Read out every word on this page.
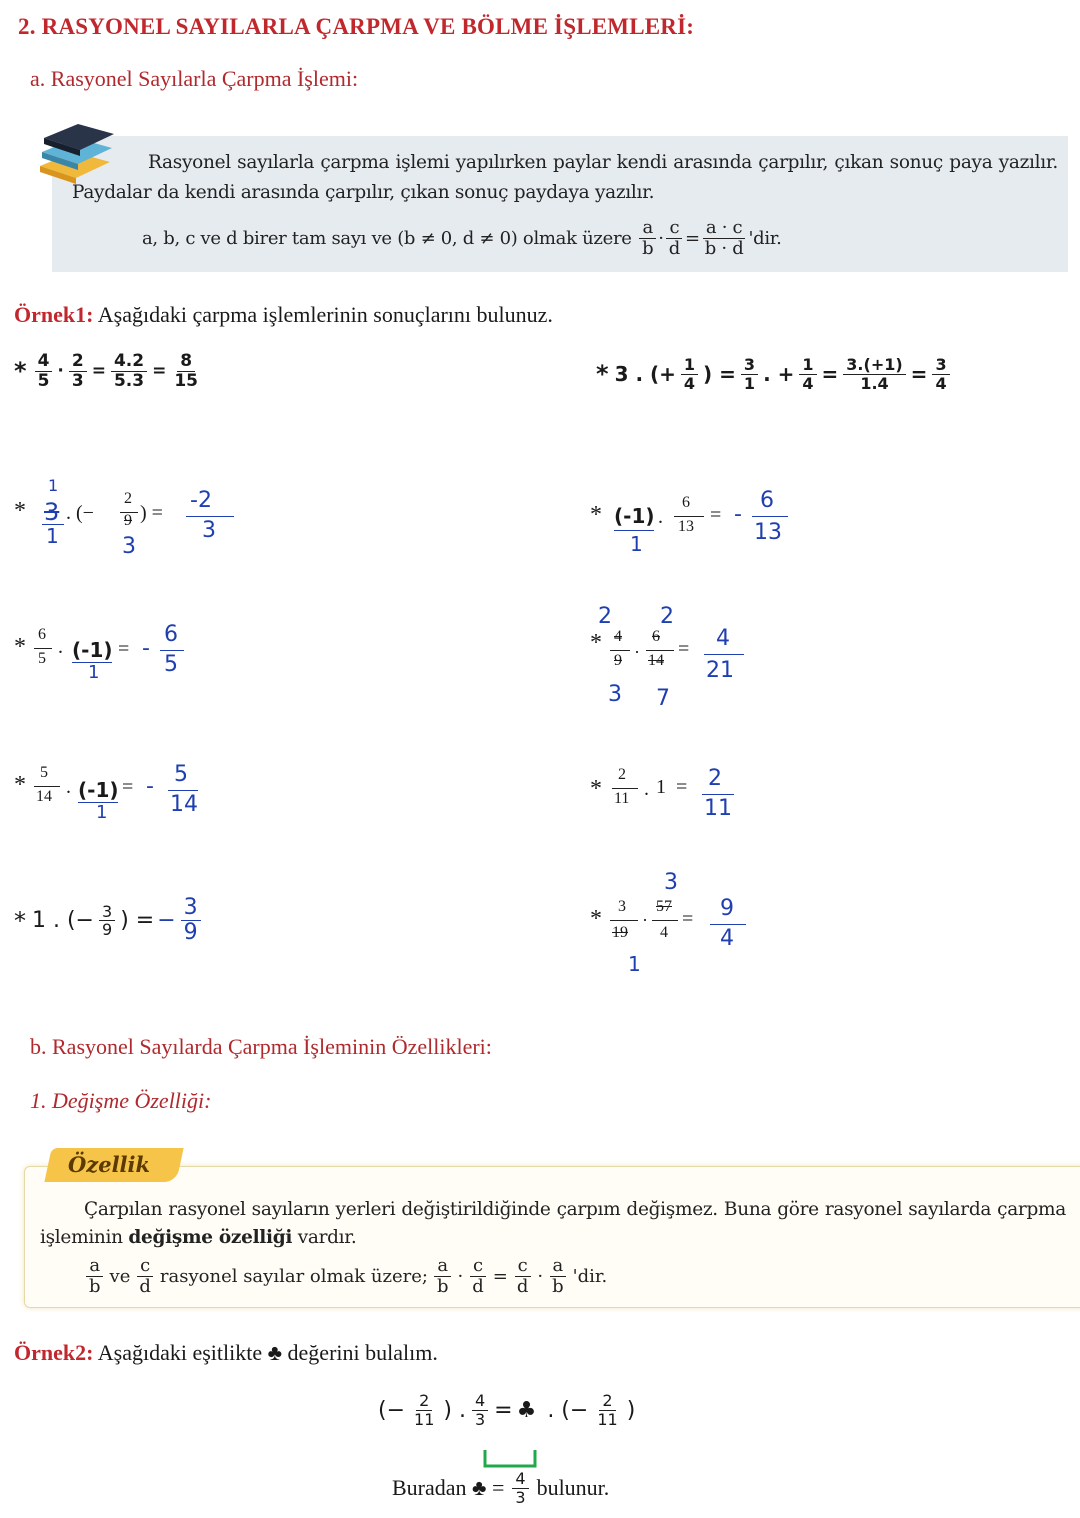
2. RASYONEL SAYILARLA ÇARPMA VE BÖLME İŞLEMLERİ:
a. Rasyonel Sayılarla Çarpma İşlemi:
Rasyonel sayılarla çarpma işlemi yapılırken paylar kendi arasında çarpılır, çıkan sonuç paya yazılır. Paydalar da kendi arasında çarpılır, çıkan sonuç paydaya yazılır.
a, b, c ve d birer tam sayı ve (b ≠ 0, d ≠ 0) olmak üzere
$\frac{a}{b} \cdot \frac{c}{d} = \frac{a \cdot c}{b \cdot d}$ 'dir.
Örnek1: Aşağıdaki çarpma işlemlerinin sonuçlarını bulunuz.
* $\frac{4}{5} \cdot \frac{2}{3} = \frac{4.2}{5.3} = \frac{8}{15}$	* 3 . (+ $\frac{1}{4}$ ) = $\frac{3}{1}$ . + $\frac{1}{4} = \frac{3.(+1)}{1.4} = \frac{3}{4}$
*
1
3
1
. (−
2
9
3
) = -2
3
* (-1)
1
.
6
13
= -
6
13
* 6
5
. (-1)
1
= -
6
5
2 2
* 4
9 ·
6
14
= 4
21
3 7
* 5
14 . (-1)
1
= - 5
14
*
2
11 . 1 = 2
11
* 1 . (− $\frac{3}{9}$ ) = − $\frac{3}{9}$
3
* 3
19
·
57
4
= 9
4
1
b. Rasyonel Sayılarda Çarpma İşleminin Özellikleri:
1. Değişme Özelliği:
Özellik
Çarpılan rasyonel sayıların yerleri değiştirildiğinde çarpım değişmez. Buna göre rasyonel sayılarda çarpma işleminin değişme özelliği vardır.
$\frac{a}{b}$ ve $\frac{c}{d}$ rasyonel sayılar olmak üzere; $\frac{a}{b} \cdot \frac{c}{d} = \frac{c}{d} \cdot \frac{a}{b}$ 'dir.
Örnek2: Aşağıdaki eşitlikte ♣ değerini bulalım.
(− $\frac{2}{11}$ ) . $\frac{4}{3}$ = ♣ . (− $\frac{2}{11}$ )
Buradan ♣ = $\frac{4}{3}$ bulunur.
